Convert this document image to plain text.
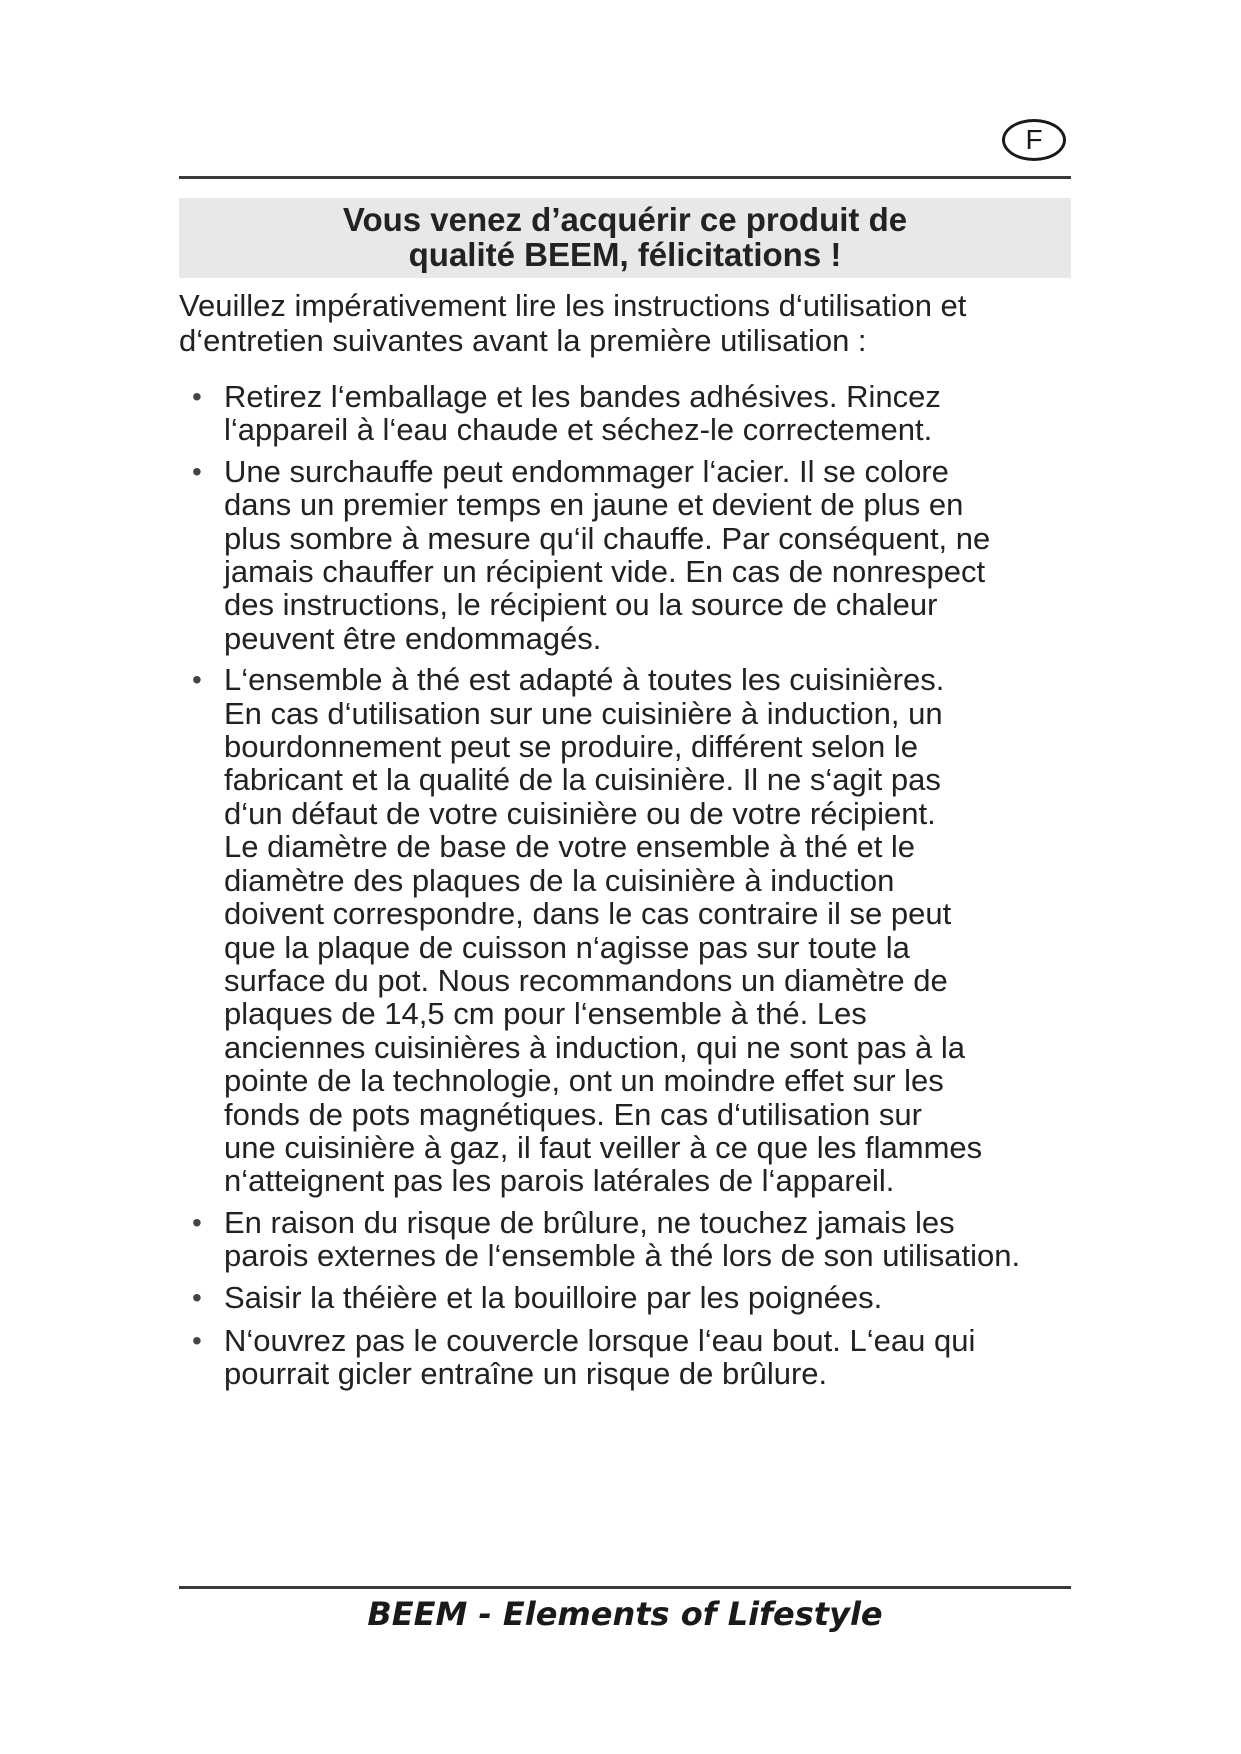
F
Vous venez d’acquérir ce produit de
qualité BEEM, félicitations !
Veuillez impérativement lire les instructions d‘utilisation et
d‘entretien suivantes avant la première utilisation :
• Retirez l‘emballage et les bandes adhésives. Rincez
l‘appareil à l‘eau chaude et séchez-le correctement.
• Une surchauffe peut endommager l‘acier. Il se colore
dans un premier temps en jaune et devient de plus en
plus sombre à mesure qu‘il chauffe. Par conséquent, ne
jamais chauffer un récipient vide. En cas de nonrespect
des instructions, le récipient ou la source de chaleur
peuvent être endommagés.
• L‘ensemble à thé est adapté à toutes les cuisinières.
En cas d‘utilisation sur une cuisinière à induction, un
bourdonnement peut se produire, différent selon le
fabricant et la qualité de la cuisinière. Il ne s‘agit pas
d‘un défaut de votre cuisinière ou de votre récipient.
Le diamètre de base de votre ensemble à thé et le
diamètre des plaques de la cuisinière à induction
doivent correspondre, dans le cas contraire il se peut
que la plaque de cuisson n‘agisse pas sur toute la
surface du pot. Nous recommandons un diamètre de
plaques de 14,5 cm pour l‘ensemble à thé. Les
anciennes cuisinières à induction, qui ne sont pas à la
pointe de la technologie, ont un moindre effet sur les
fonds de pots magnétiques. En cas d‘utilisation sur
une cuisinière à gaz, il faut veiller à ce que les flammes
n‘atteignent pas les parois latérales de l‘appareil.
• En raison du risque de brûlure, ne touchez jamais les
parois externes de l‘ensemble à thé lors de son utilisation.
• Saisir la théière et la bouilloire par les poignées.
• N‘ouvrez pas le couvercle lorsque l‘eau bout. L‘eau qui
pourrait gicler entraîne un risque de brûlure.
BEEM - Elements of Lifestyle
